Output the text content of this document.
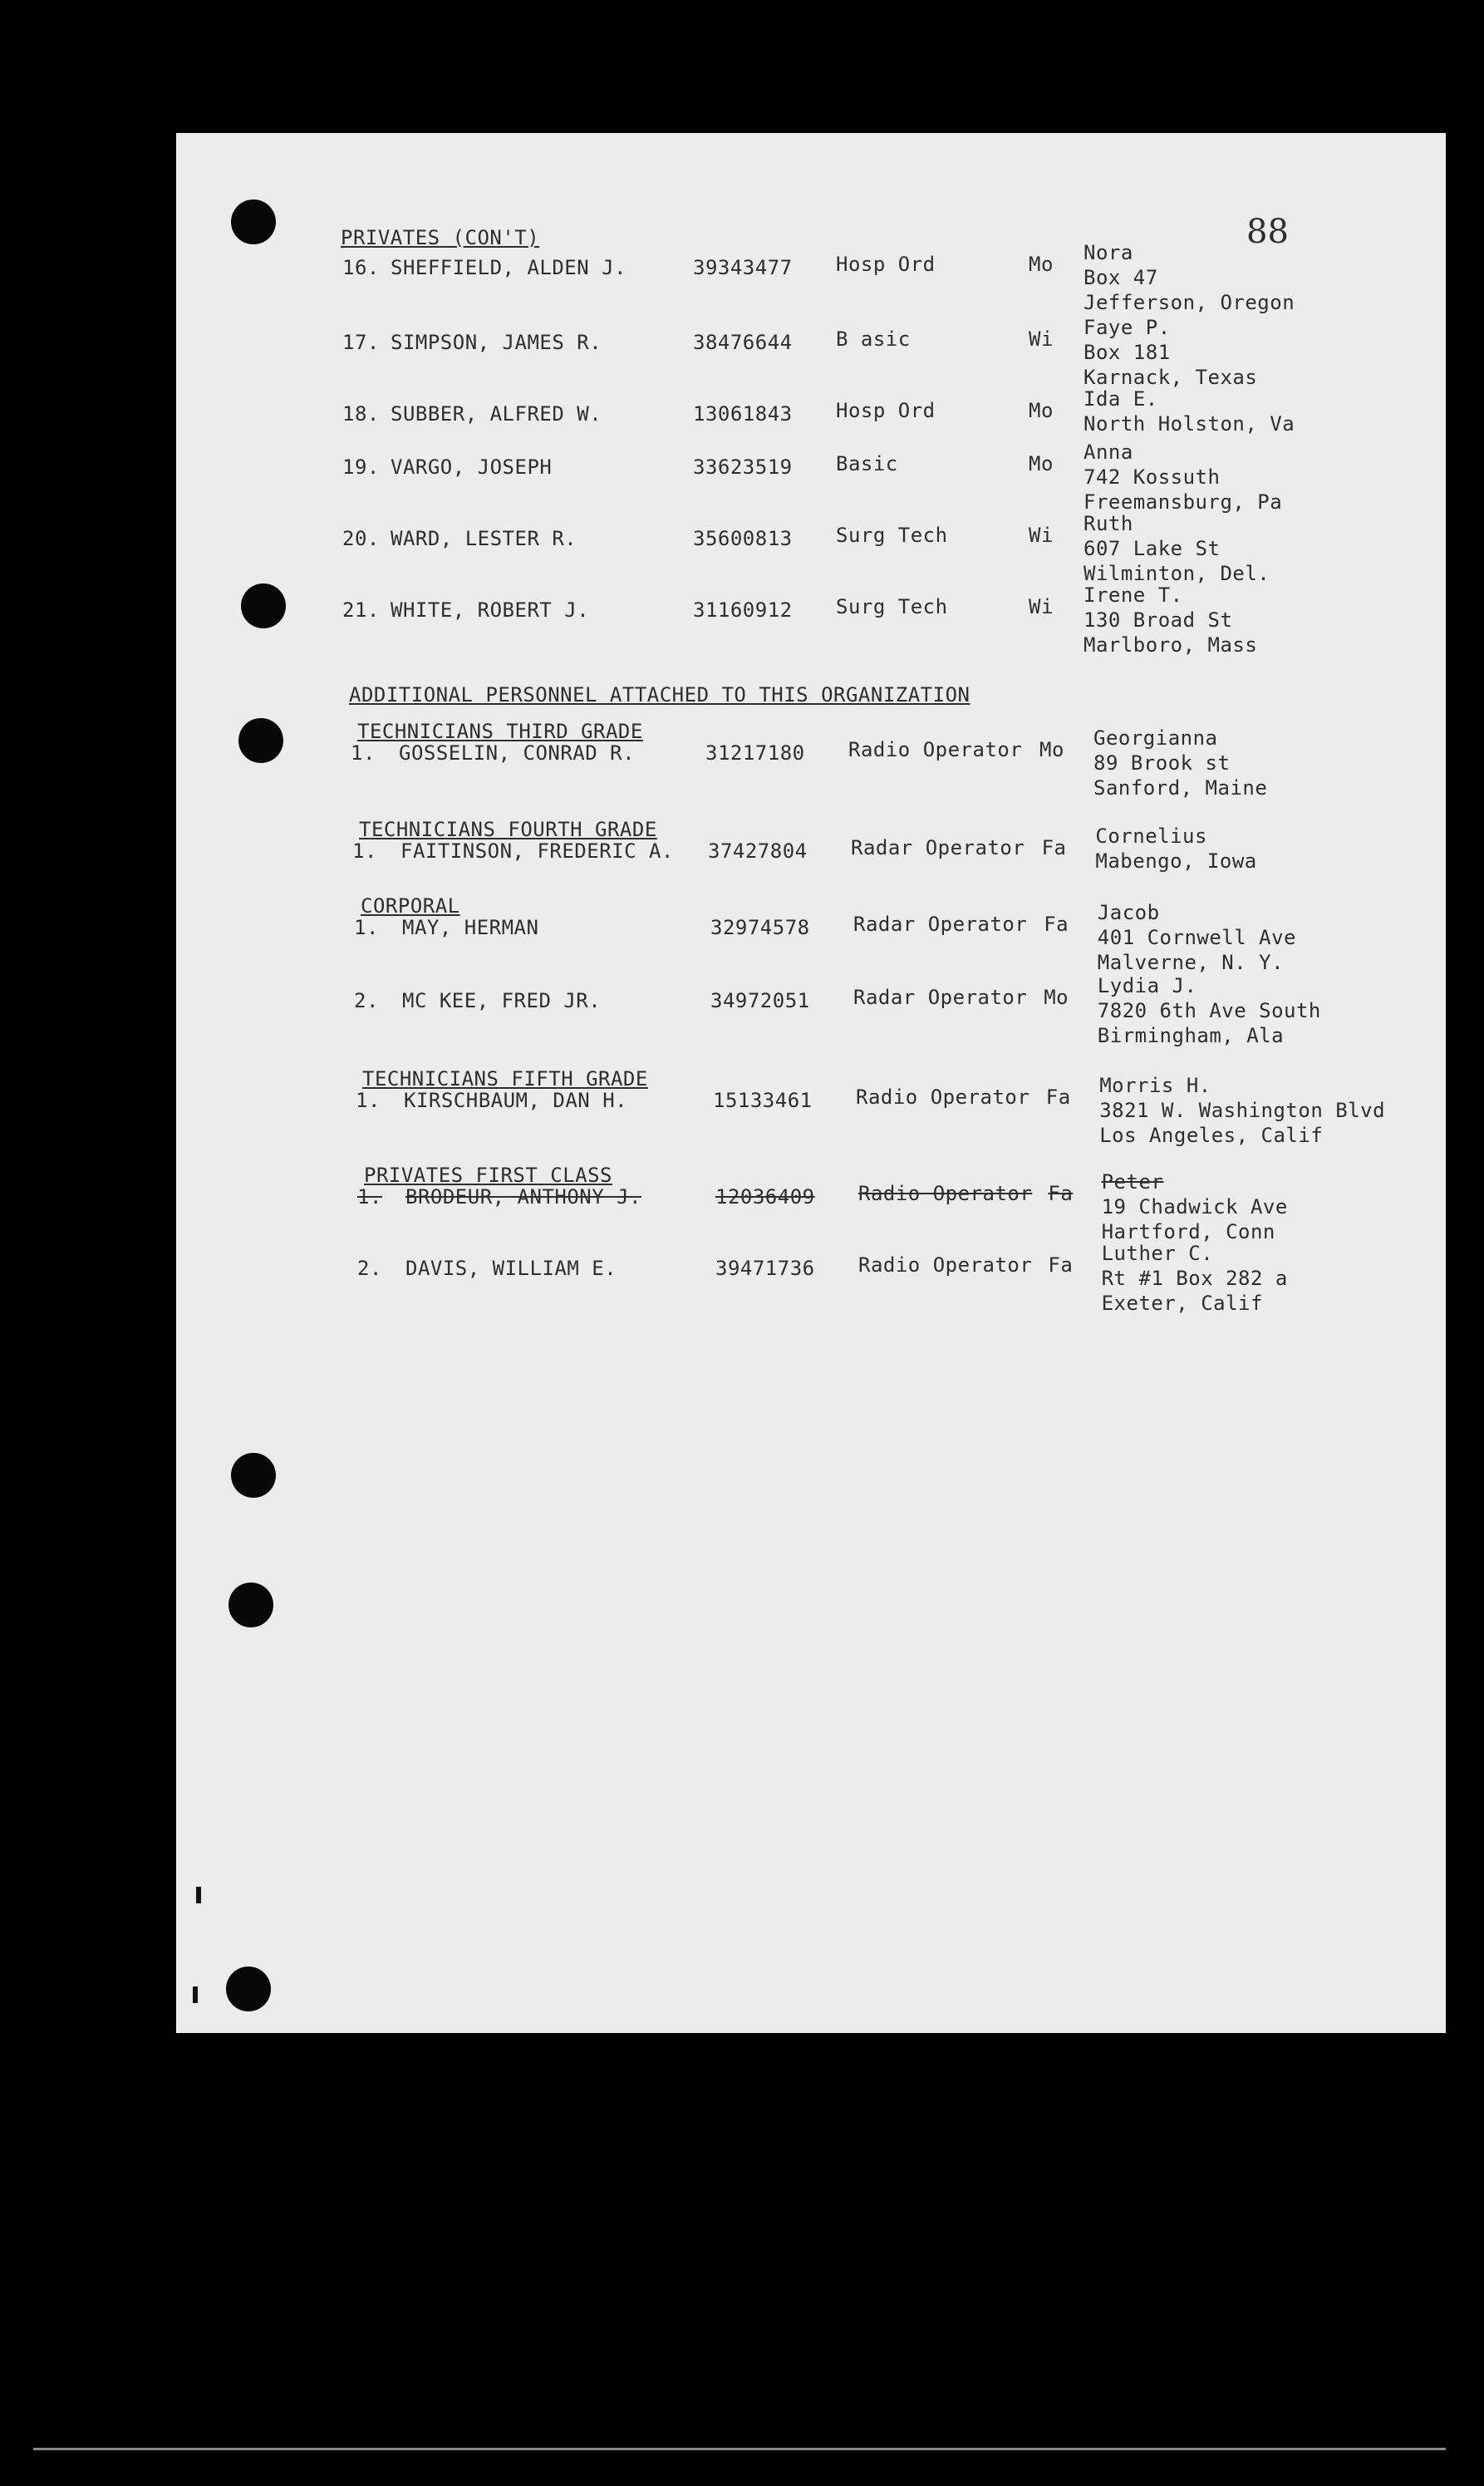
88
PRIVATES (CON'T)
ADDITIONAL PERSONNEL ATTACHED TO THIS ORGANIZATION
16. SHEFFIELD, ALDEN J.	39343477 Hosp Ord	Mo Nora
Box 47
Jefferson, Oregon
17. SIMPSON, JAMES R.	38476644 B asic	Wi Faye P.
Box 181
Karnack, Texas
18. SUBBER, ALFRED W.	13061843 Hosp Ord	Mo Ida E.
North Holston, Va
19. VARGO, JOSEPH	33623519 Basic	Mo Anna
742 Kossuth
Freemansburg, Pa
20. WARD, LESTER R.	35600813 Surg Tech	Wi Ruth
607 Lake St
Wilminton, Del.
21. WHITE, ROBERT J.	31160912 Surg Tech	Wi Irene T.
130 Broad St
Marlboro, Mass
TECHNICIANS THIRD GRADE
1. GOSSELIN, CONRAD R.	31217180 Radio Operator Mo Georgianna
89 Brook st
Sanford, Maine
TECHNICIANS FOURTH GRADE
1. FAITINSON, FREDERIC A. 37427804 Radar Operator Fa Cornelius
Mabengo, Iowa
CORPORAL
1. MAY, HERMAN	32974578 Radar Operator Fa Jacob
401 Cornwell Ave
Malverne, N. Y.
2. MC KEE, FRED JR.	34972051 Radar Operator Mo Lydia J.
7820 6th Ave South
Birmingham, Ala
TECHNICIANS FIFTH GRADE
1. KIRSCHBAUM, DAN H.	15133461 Radio Operator Fa Morris H.
3821 W. Washington Blvd
Los Angeles, Calif
PRIVATES FIRST CLASS
1. BRODEUR, ANTHONY J.	12036409 Radio Operator Fa Peter
19 Chadwick Ave
Hartford, Conn
2. DAVIS, WILLIAM E.	39471736 Radio Operator Fa Luther C.
Rt #1 Box 282 a
Exeter, Calif
